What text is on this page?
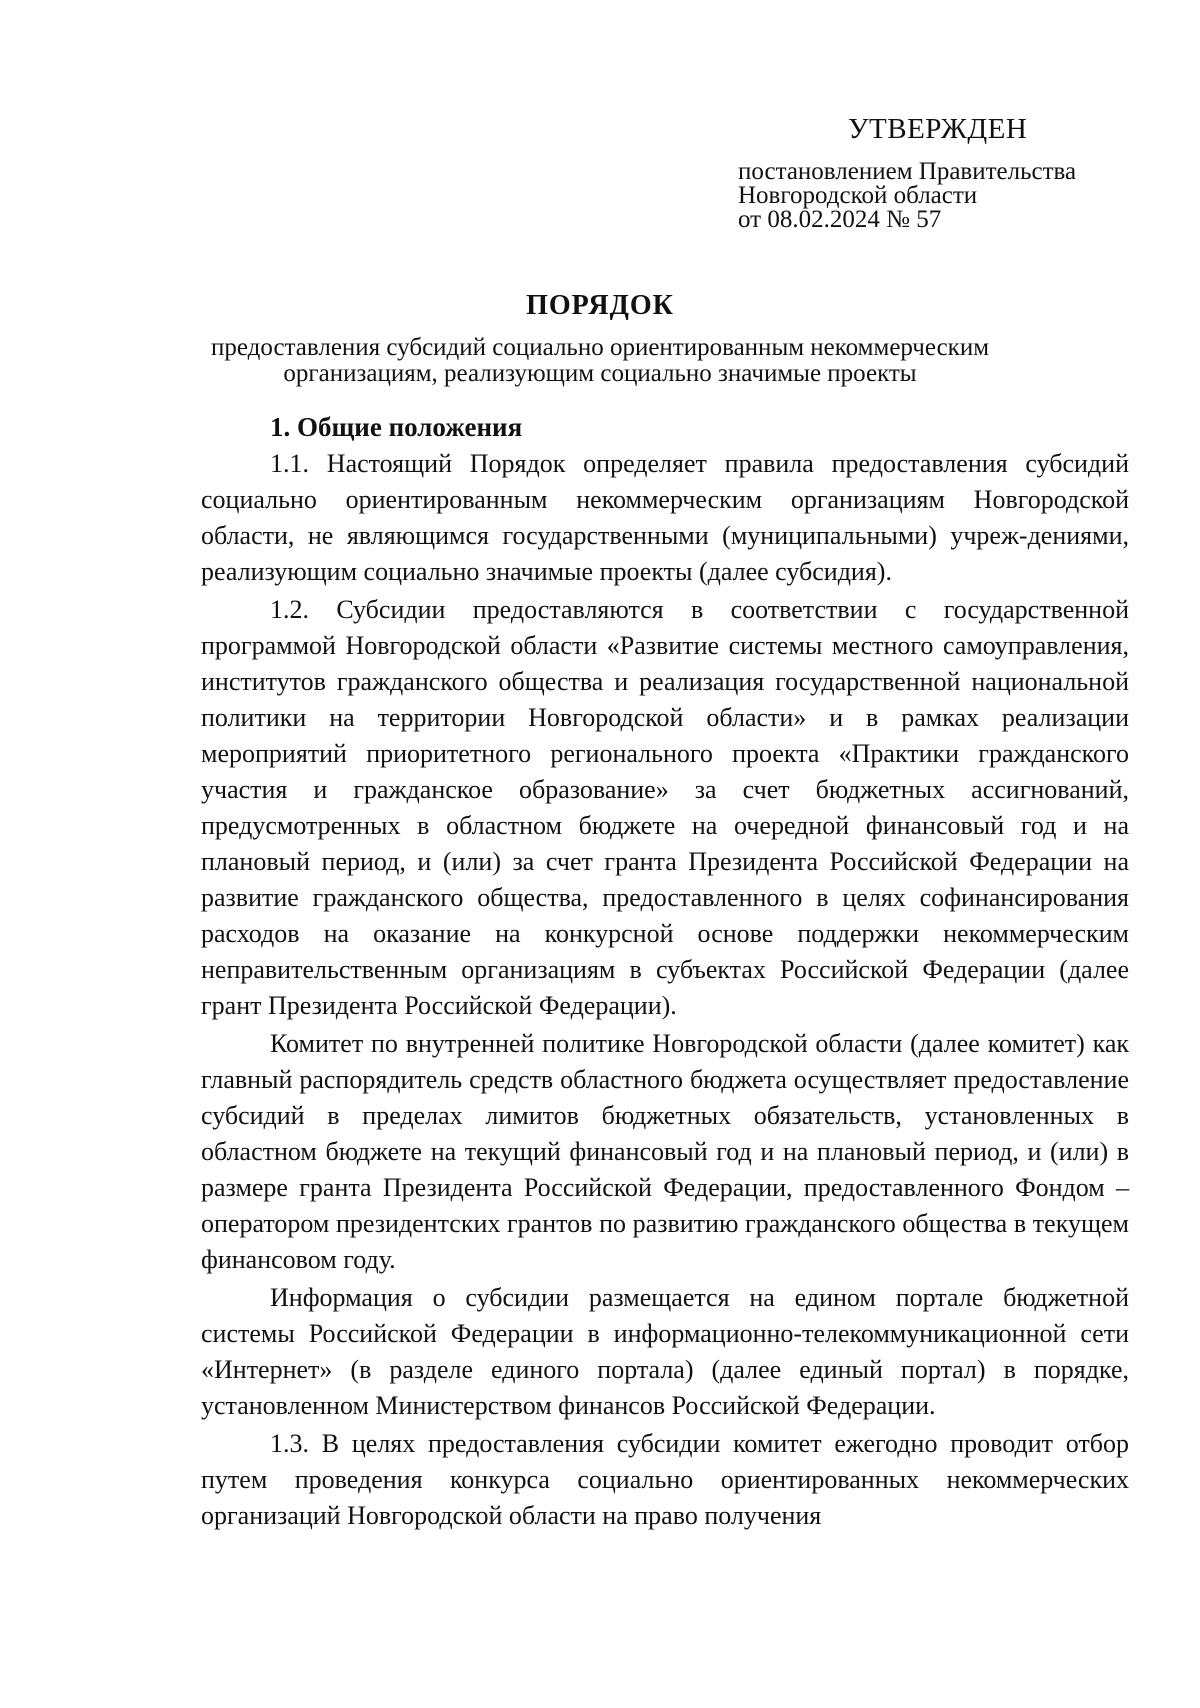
УТВЕРЖДЕН
постановлением Правительства
Новгородской области
от 08.02.2024 № 57
ПОРЯДОК
предоставления субсидий социально ориентированным некоммерческим
организациям, реализующим социально значимые проекты
1. Общие положения

1.1. Настоящий Порядок определяет правила предоставления субсидий социально ориентированным некоммерческим организациям Новгородской области, не являющимся государственными (муниципальными) учреж-дениями, реализующим социально значимые проекты (далее субсидия).

1.2. Субсидии предоставляются в соответствии с государственной программой Новгородской области «Развитие системы местного самоуправления, институтов гражданского общества и реализация государственной национальной политики на территории Новгородской области» и в рамках реализации мероприятий приоритетного регионального проекта «Практики гражданского участия и гражданское образование» за счет бюджетных ассигнований, предусмотренных в областном бюджете на очередной финансовый год и на плановый период, и (или) за счет гранта Президента Российской Федерации на развитие гражданского общества, предоставленного в целях софинансирования расходов на оказание на конкурсной основе поддержки некоммерческим неправительственным организациям в субъектах Российской Федерации (далее грант Президента Российской Федерации).

Комитет по внутренней политике Новгородской области (далее комитет) как главный распорядитель средств областного бюджета осуществляет предоставление субсидий в пределах лимитов бюджетных обязательств, установленных в областном бюджете на текущий финансовый год и на плановый период, и (или) в размере гранта Президента Российской Федерации, предоставленного Фондом – оператором президентских грантов по развитию гражданского общества в текущем финансовом году.

Информация о субсидии размещается на едином портале бюджетной системы Российской Федерации в информационно-телекоммуникационной сети «Интернет» (в разделе единого портала) (далее единый портал) в порядке, установленном Министерством финансов Российской Федерации.

1.3. В целях предоставления субсидии комитет ежегодно проводит отбор путем проведения конкурса социально ориентированных некоммерческих организаций Новгородской области на право получения
